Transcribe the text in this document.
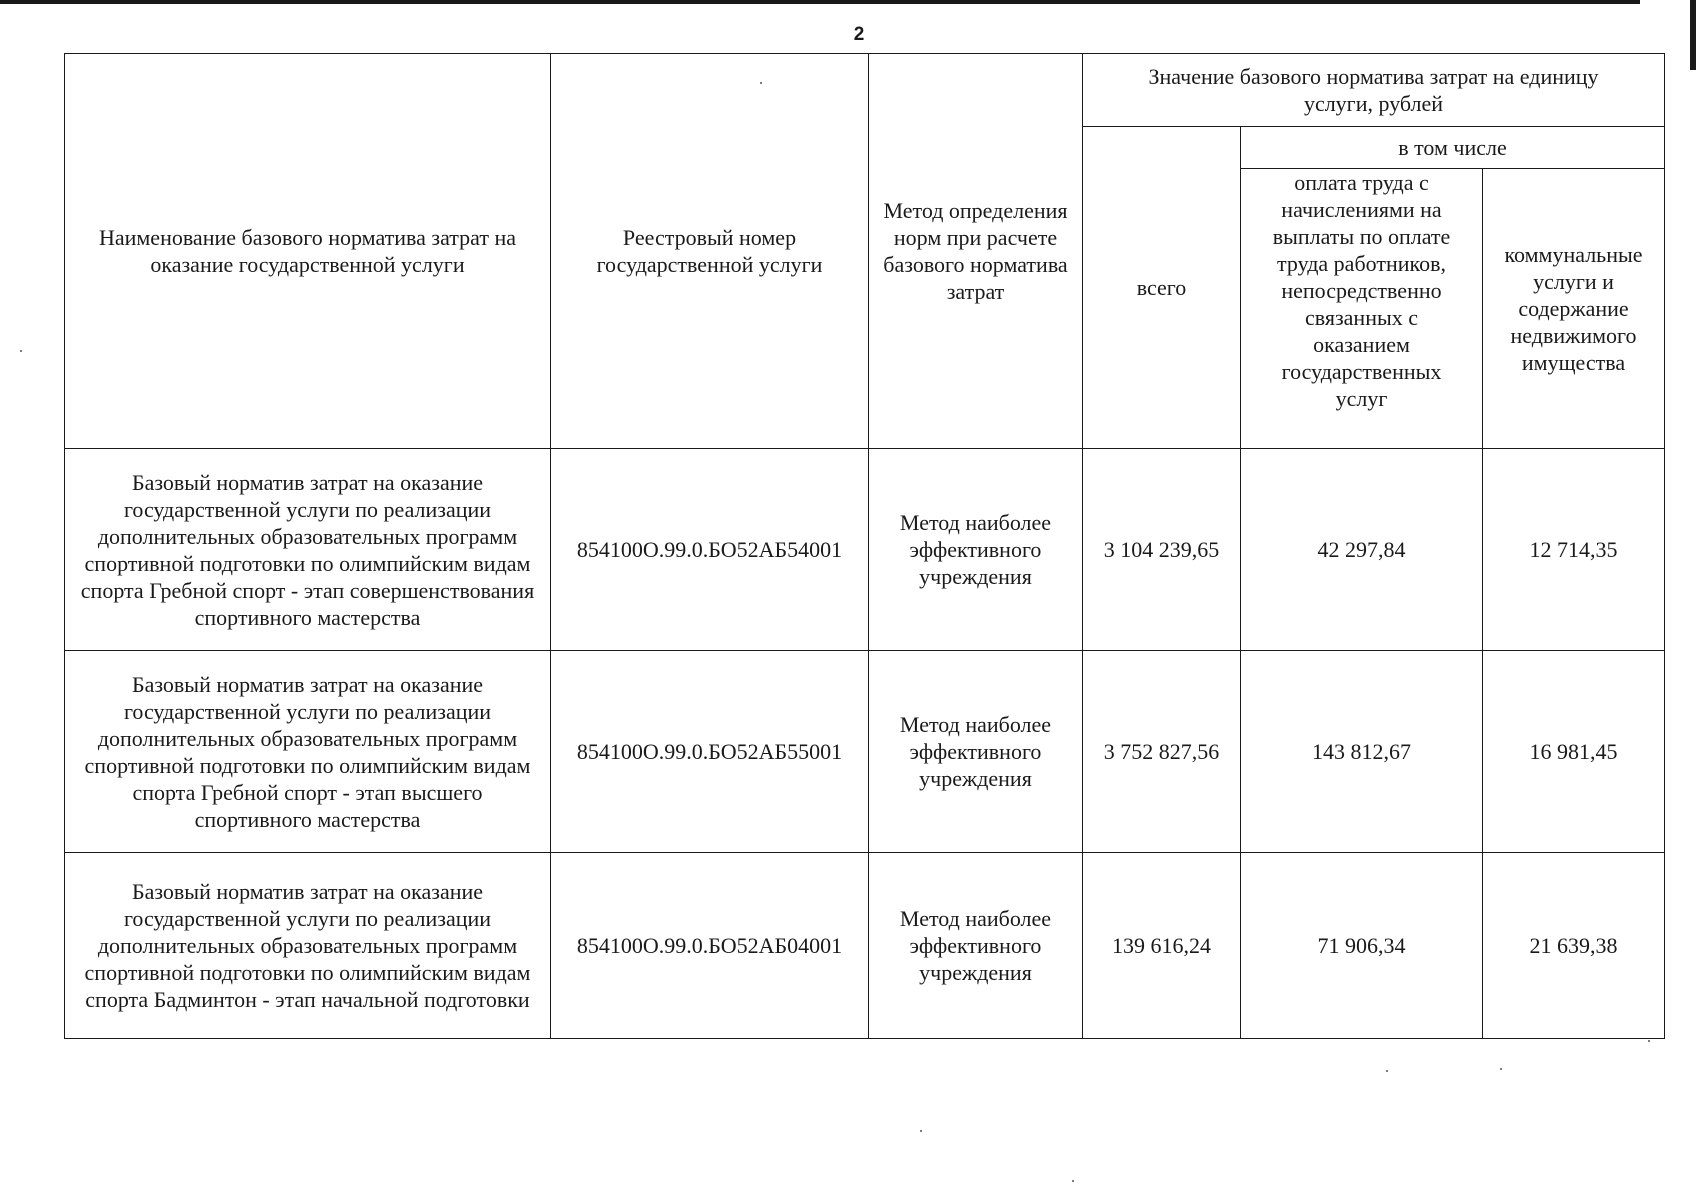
2
Наименование базового норматива затрат на оказание государственной услуги	Реестровый номер государственной услуги	Метод определения норм при расчете базового норматива затрат	Значение базового норматива затрат на единицу услуги, рублей		
			всего	в том числе	
				оплата труда с начислениями на выплаты по оплате труда работников, непосредственно связанных с оказанием государственных услуг	коммунальные услуги и содержание недвижимого имущества
Базовый норматив затрат на оказание государственной услуги по реализации дополнительных образовательных программ спортивной подготовки по олимпийским видам спорта Гребной спорт - этап совершенствования спортивного мастерства	854100О.99.0.БО52АБ54001	Метод наиболее эффективного учреждения	3 104 239,65	42 297,84	12 714,35
Базовый норматив затрат на оказание государственной услуги по реализации дополнительных образовательных программ спортивной подготовки по олимпийским видам спорта Гребной спорт - этап высшего спортивного мастерства	854100О.99.0.БО52АБ55001	Метод наиболее эффективного учреждения	3 752 827,56	143 812,67	16 981,45
Базовый норматив затрат на оказание государственной услуги по реализации дополнительных образовательных программ спортивной подготовки по олимпийским видам спорта Бадминтон - этап начальной подготовки	854100О.99.0.БО52АБ04001	Метод наиболее эффективного учреждения	139 616,24	71 906,34	21 639,38
